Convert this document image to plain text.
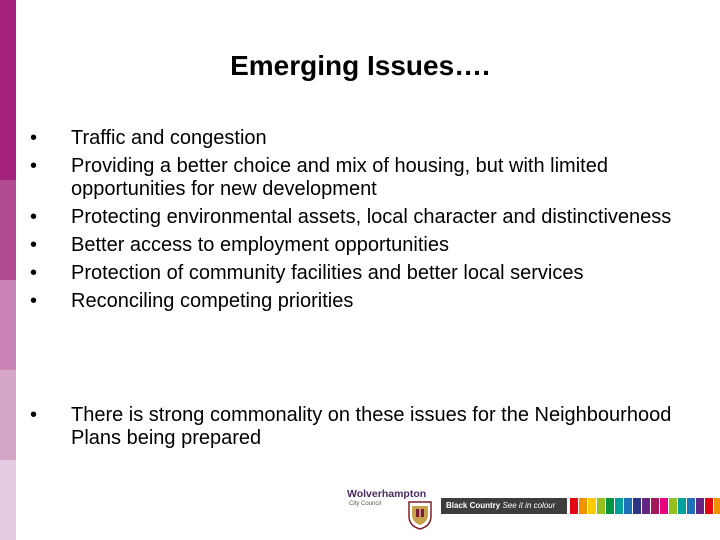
Emerging Issues….
• Traffic and congestion
• Providing a better choice and mix of housing, but with limited opportunities for new development
• Protecting environmental assets, local character and distinctiveness
• Better access to employment opportunities
• Protection of community facilities and better local services
• Reconciling competing priorities
• There is strong commonality on these issues for the Neighbourhood Plans being prepared
Wolverhampton
City Council	Black Country See it in colour
